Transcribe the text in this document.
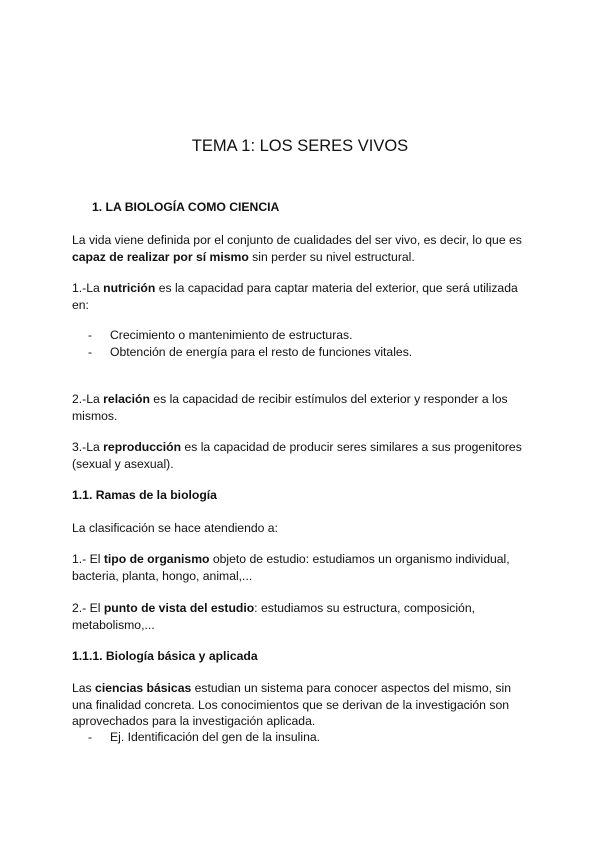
TEMA 1: LOS SERES VIVOS
1. LA BIOLOGÍA COMO CIENCIA

La vida viene definida por el conjunto de cualidades del ser vivo, es decir, lo que es capaz de realizar por sí mismo sin perder su nivel estructural.

1.-La nutrición es la capacidad para captar materia del exterior, que será utilizada en:

- Crecimiento o mantenimiento de estructuras.
- Obtención de energía para el resto de funciones vitales.

2.-La relación es la capacidad de recibir estímulos del exterior y responder a los mismos.

3.-La reproducción es la capacidad de producir seres similares a sus progenitores (sexual y asexual).

1.1. Ramas de la biología

La clasificación se hace atendiendo a:

1.- El tipo de organismo objeto de estudio: estudiamos un organismo individual, bacteria, planta, hongo, animal,...

2.- El punto de vista del estudio: estudiamos su estructura, composición, metabolismo,...

1.1.1. Biología básica y aplicada

Las ciencias básicas estudian un sistema para conocer aspectos del mismo, sin una finalidad concreta. Los conocimientos que se derivan de la investigación son aprovechados para la investigación aplicada.

- Ej. Identificación del gen de la insulina.
